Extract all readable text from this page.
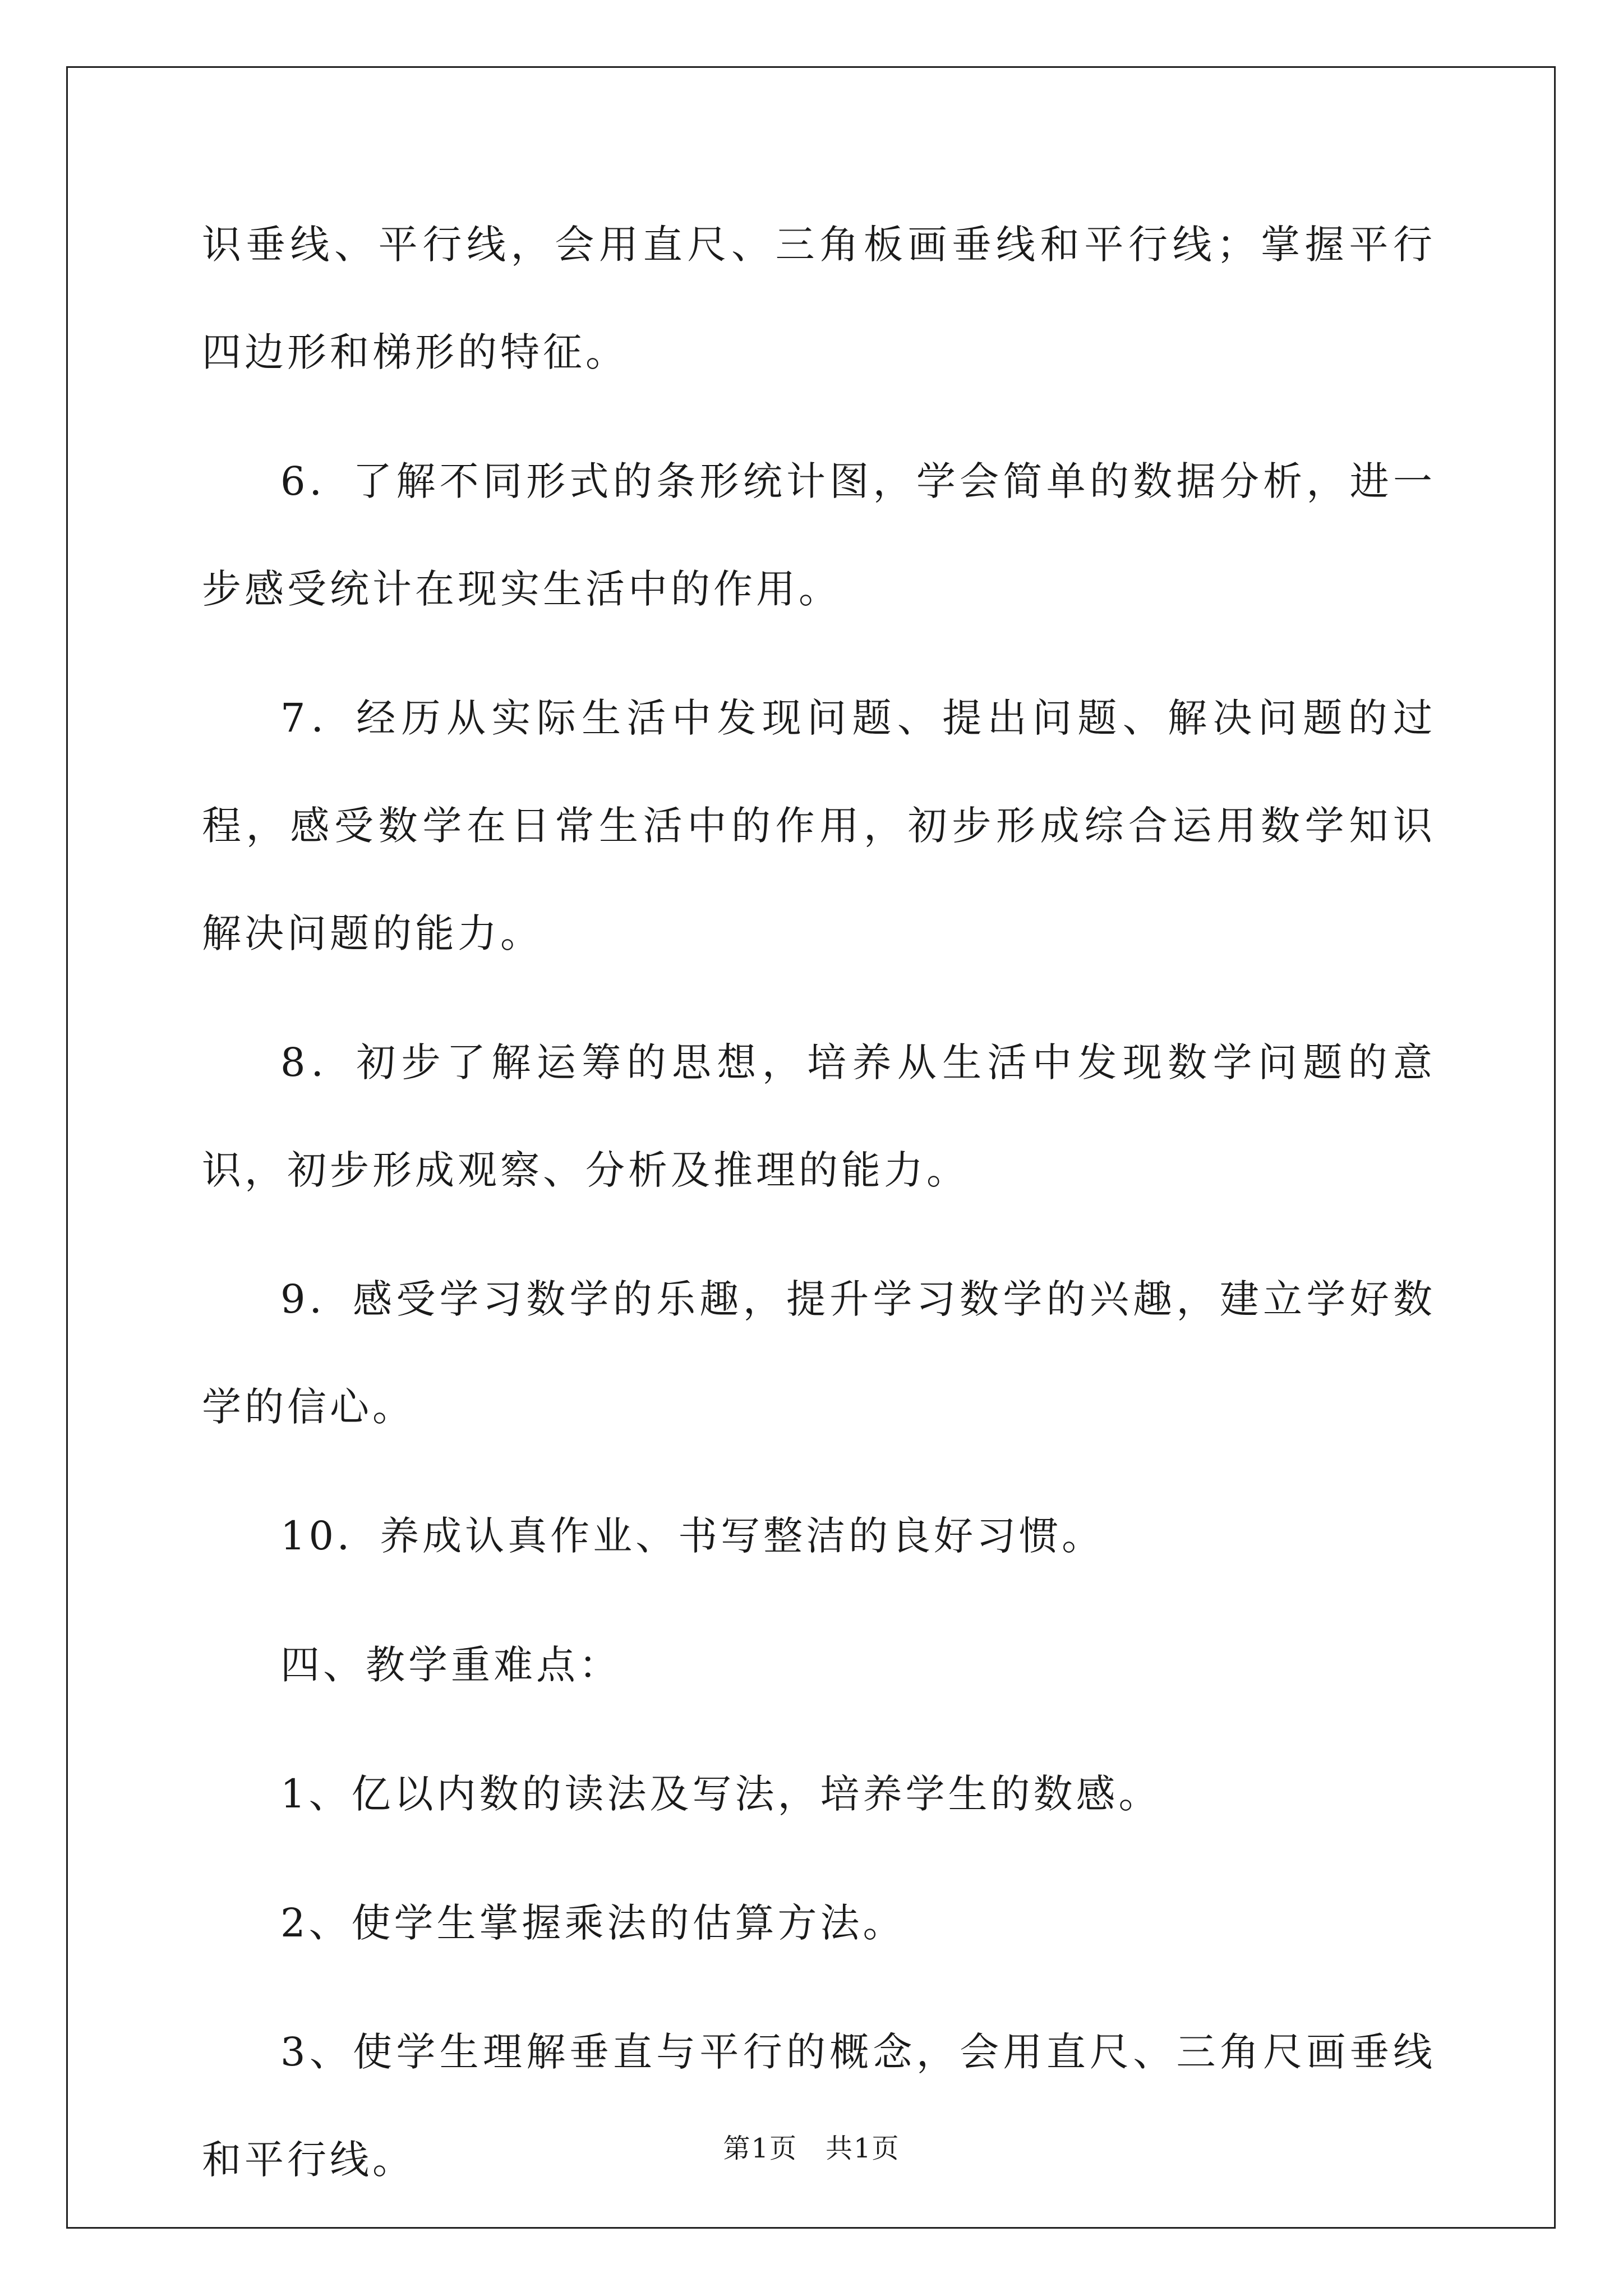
识垂线、平行线，会用直尺、三角板画垂线和平行线；掌握平行四边形和梯形的特征。

6．了解不同形式的条形统计图，学会简单的数据分析，进一步感受统计在现实生活中的作用。

7．经历从实际生活中发现问题、提出问题、解决问题的过程，感受数学在日常生活中的作用，初步形成综合运用数学知识解决问题的能力。

8．初步了解运筹的思想，培养从生活中发现数学问题的意识，初步形成观察、分析及推理的能力。

9．感受学习数学的乐趣，提升学习数学的兴趣，建立学好数学的信心。

10．养成认真作业、书写整洁的良好习惯。

四、教学重难点：

1、亿以内数的读法及写法，培养学生的数感。

2、使学生掌握乘法的估算方法。

3、使学生理解垂直与平行的概念，会用直尺、三角尺画垂线和平行线。	第1页　共1页
